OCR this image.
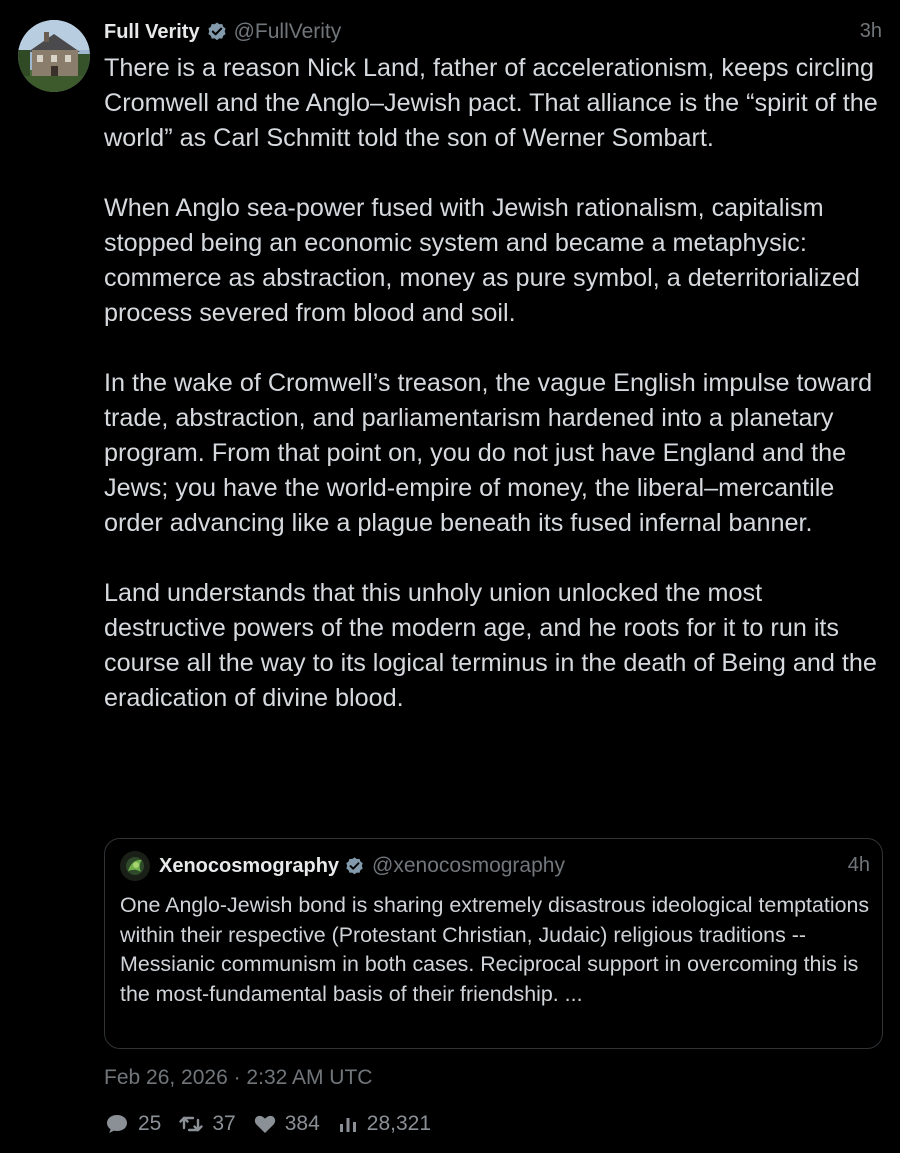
Full Verity @FullVerity	3h

There is a reason Nick Land, father of accelerationism, keeps circling Cromwell and the Anglo–Jewish pact. That alliance is the “spirit of the world” as Carl Schmitt told the son of Werner Sombart.

When Anglo sea-power fused with Jewish rationalism, capitalism stopped being an economic system and became a metaphysic: commerce as abstraction, money as pure symbol, a deterritorialized process severed from blood and soil.

In the wake of Cromwell’s treason, the vague English impulse toward trade, abstraction, and parliamentarism hardened into a planetary program. From that point on, you do not just have England and the Jews; you have the world-empire of money, the liberal–mercantile order advancing like a plague beneath its fused infernal banner.

Land understands that this unholy union unlocked the most destructive powers of the modern age, and he roots for it to run its course all the way to its logical terminus in the death of Being and the eradication of divine blood.

Xenocosmography @xenocosmography	4h
One Anglo-Jewish bond is sharing extremely disastrous ideological temptations within their respective (Protestant Christian, Judaic) religious traditions -- Messianic communism in both cases. Reciprocal support in overcoming this is the most-fundamental basis of their friendship. ...
Feb 26, 2026 · 2:32 AM UTC
25 37 384 28,321
